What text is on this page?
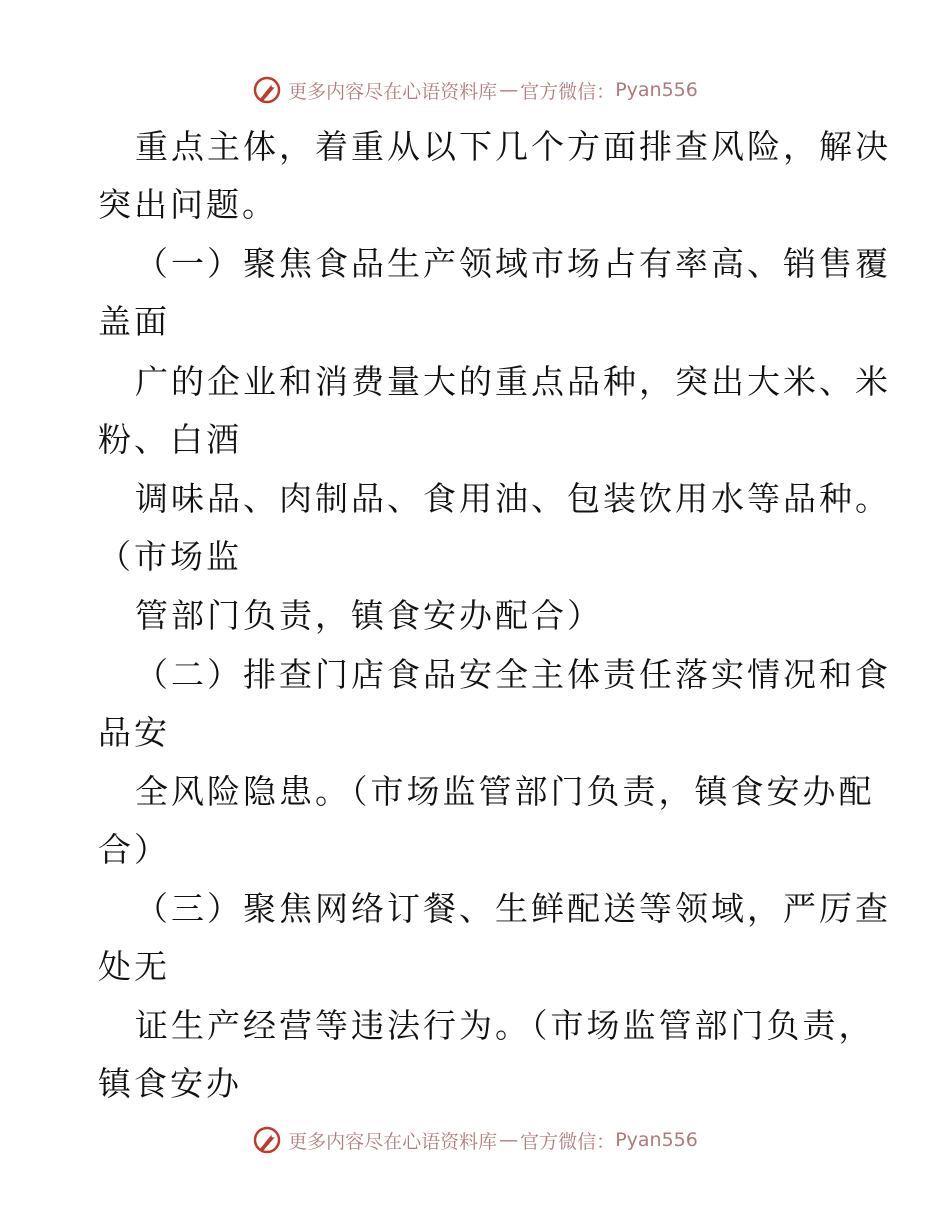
更多内容尽在心语资料库 — 官方微信： Pyan556
重点主体，着重从以下几个方面排查风险，解决
突出问题。
（一）聚焦食品生产领域市场占有率高、销售覆
盖面
广的企业和消费量大的重点品种，突出大米、米
粉、白酒
调味品、肉制品、食用油、包装饮用水等品种。
（市场监
管部门负责，镇食安办配合）
（二）排查门店食品安全主体责任落实情况和食
品安
全风险隐患。（市场监管部门负责，镇食安办配
合）
（三）聚焦网络订餐、生鲜配送等领域，严厉查
处无
证生产经营等违法行为。（市场监管部门负责，
镇食安办
更多内容尽在心语资料库 — 官方微信： Pyan556
